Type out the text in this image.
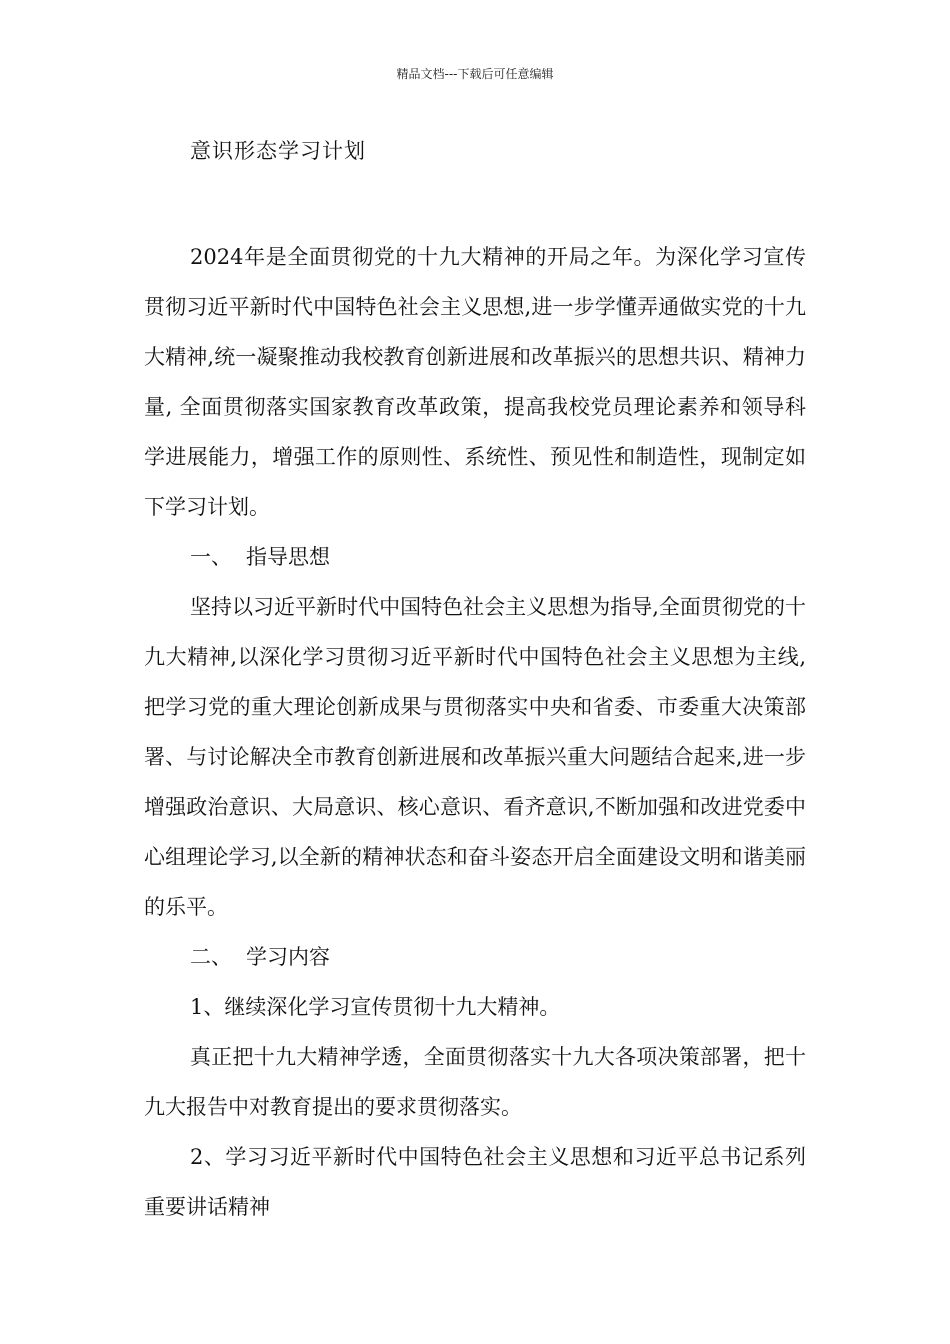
精品文档---下载后可任意编辑
意识形态学习计划

2024年是全面贯彻党的十九大精神的开局之年。为深化学习宣传贯彻习近平新时代中国特色社会主义思想,进一步学懂弄通做实党的十九大精神,统一凝聚推动我校教育创新进展和改革振兴的思想共识、精神力量, 全面贯彻落实国家教育改革政策，提高我校党员理论素养和领导科学进展能力，增强工作的原则性、系统性、预见性和制造性，现制定如下学习计划。

一、 指导思想

坚持以习近平新时代中国特色社会主义思想为指导,全面贯彻党的十九大精神,以深化学习贯彻习近平新时代中国特色社会主义思想为主线,把学习党的重大理论创新成果与贯彻落实中央和省委、市委重大决策部署、与讨论解决全市教育创新进展和改革振兴重大问题结合起来,进一步增强政治意识、大局意识、核心意识、看齐意识,不断加强和改进党委中心组理论学习,以全新的精神状态和奋斗姿态开启全面建设文明和谐美丽的乐平。

二、 学习内容

1、继续深化学习宣传贯彻十九大精神。

真正把十九大精神学透，全面贯彻落实十九大各项决策部署，把十九大报告中对教育提出的要求贯彻落实。

2、学习习近平新时代中国特色社会主义思想和习近平总书记系列重要讲话精神
